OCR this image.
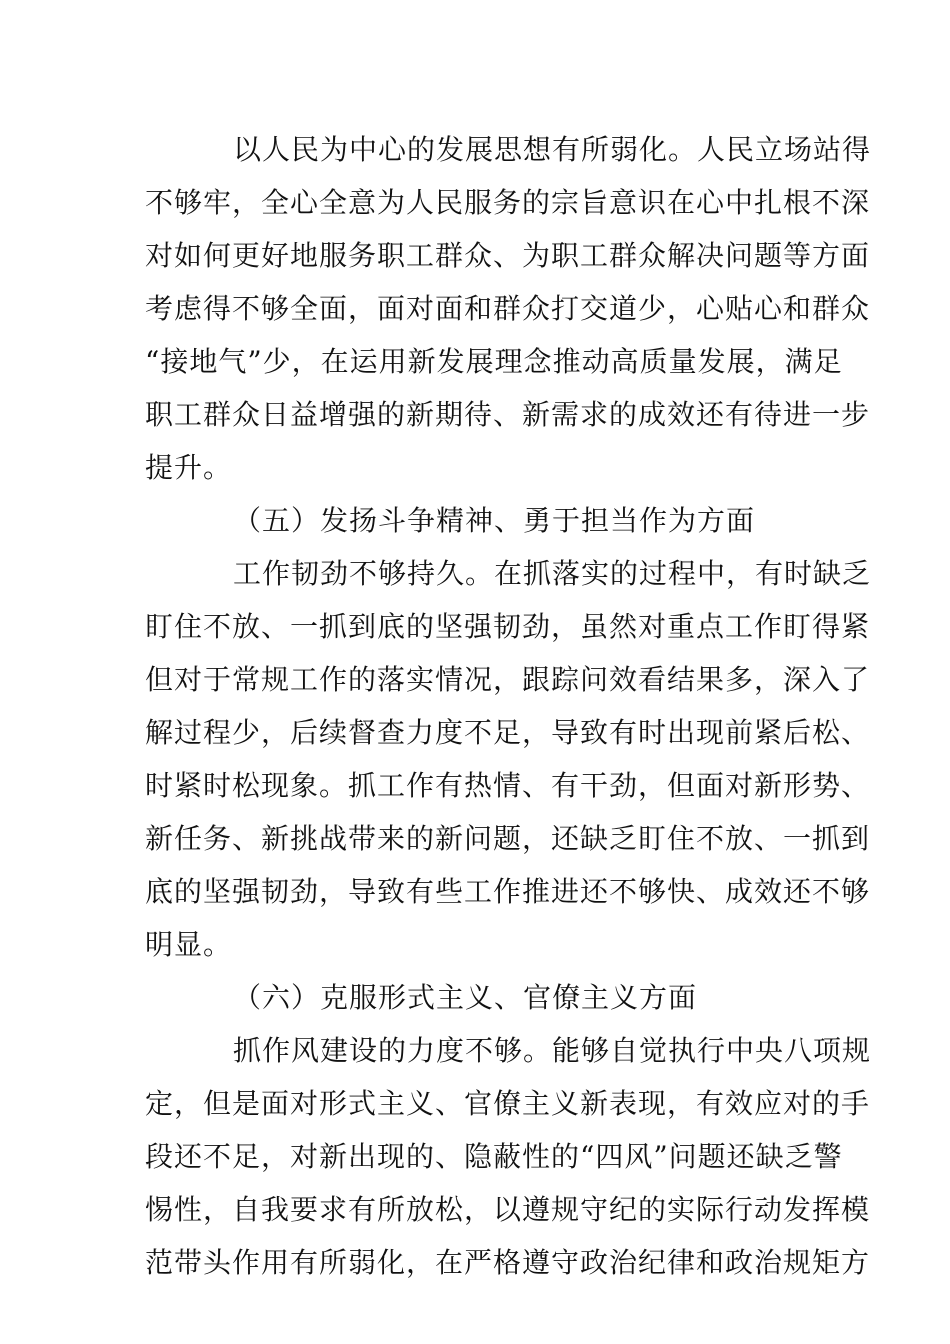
以人民为中心的发展思想有所弱化。人民立场站得

不够牢，全心全意为人民服务的宗旨意识在心中扎根不深

对如何更好地服务职工群众、为职工群众解决问题等方面

考虑得不够全面，面对面和群众打交道少，心贴心和群众

“接地气”少，在运用新发展理念推动高质量发展，满足

职工群众日益增强的新期待、新需求的成效还有待进一步

提升。

（五）发扬斗争精神、勇于担当作为方面

工作韧劲不够持久。在抓落实的过程中，有时缺乏

盯住不放、一抓到底的坚强韧劲，虽然对重点工作盯得紧

但对于常规工作的落实情况，跟踪问效看结果多，深入了

解过程少，后续督查力度不足，导致有时出现前紧后松、

时紧时松现象。抓工作有热情、有干劲，但面对新形势、

新任务、新挑战带来的新问题，还缺乏盯住不放、一抓到

底的坚强韧劲，导致有些工作推进还不够快、成效还不够

明显。

（六）克服形式主义、官僚主义方面

抓作风建设的力度不够。能够自觉执行中央八项规

定，但是面对形式主义、官僚主义新表现，有效应对的手

段还不足，对新出现的、隐蔽性的“四风”问题还缺乏警

惕性，自我要求有所放松，以遵规守纪的实际行动发挥模

范带头作用有所弱化，在严格遵守政治纪律和政治规矩方
